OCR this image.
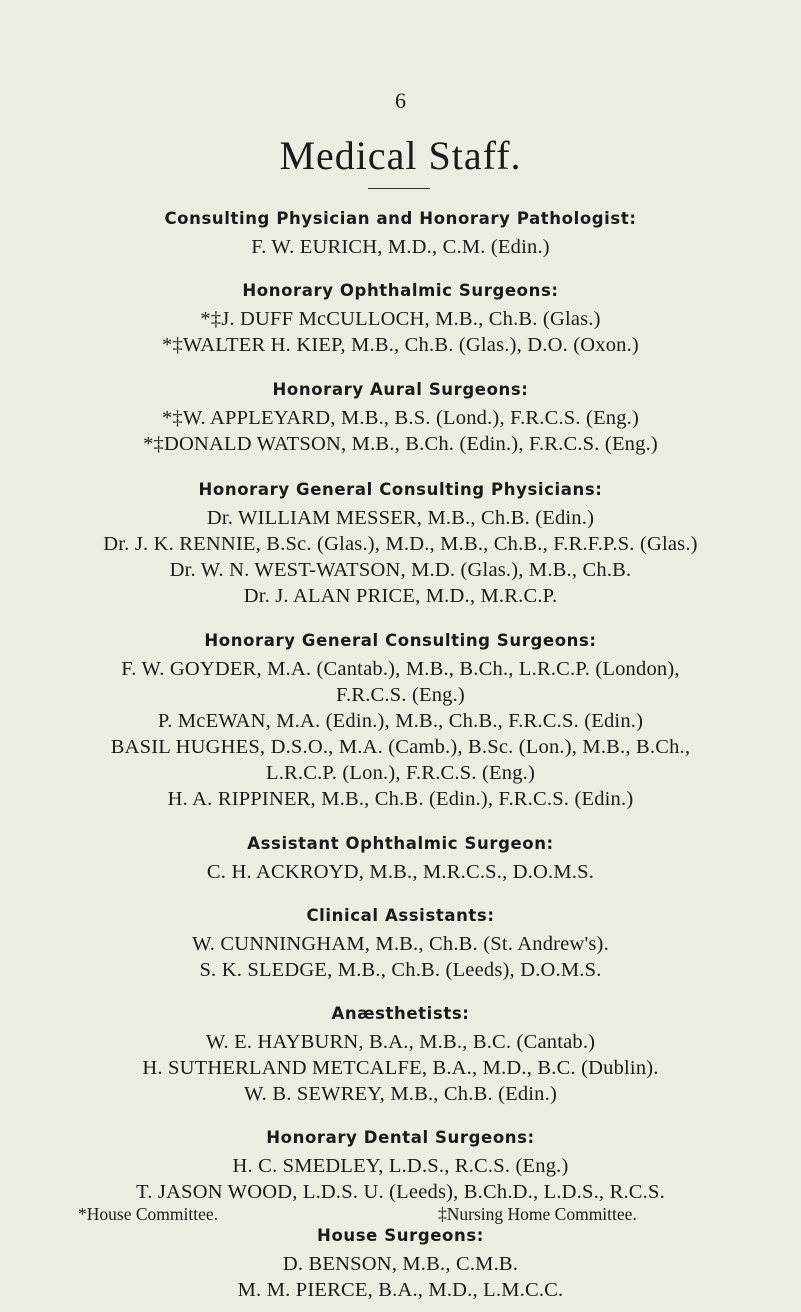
6
Medical Staff.
Consulting Physician and Honorary Pathologist:
F. W. EURICH, M.D., C.M. (Edin.)
Honorary Ophthalmic Surgeons:
*‡J. DUFF McCULLOCH, M.B., Ch.B. (Glas.)
*‡WALTER H. KIEP, M.B., Ch.B. (Glas.), D.O. (Oxon.)
Honorary Aural Surgeons:
*‡W. APPLEYARD, M.B., B.S. (Lond.), F.R.C.S. (Eng.)
*‡DONALD WATSON, M.B., B.Ch. (Edin.), F.R.C.S. (Eng.)
Honorary General Consulting Physicians:
Dr. WILLIAM MESSER, M.B., Ch.B. (Edin.)
Dr. J. K. RENNIE, B.Sc. (Glas.), M.D., M.B., Ch.B., F.R.F.P.S. (Glas.)
Dr. W. N. WEST-WATSON, M.D. (Glas.), M.B., Ch.B.
Dr. J. ALAN PRICE, M.D., M.R.C.P.
Honorary General Consulting Surgeons:
F. W. GOYDER, M.A. (Cantab.), M.B., B.Ch., L.R.C.P. (London),
F.R.C.S. (Eng.)
P. McEWAN, M.A. (Edin.), M.B., Ch.B., F.R.C.S. (Edin.)
BASIL HUGHES, D.S.O., M.A. (Camb.), B.Sc. (Lon.), M.B., B.Ch.,
L.R.C.P. (Lon.), F.R.C.S. (Eng.)
H. A. RIPPINER, M.B., Ch.B. (Edin.), F.R.C.S. (Edin.)
Assistant Ophthalmic Surgeon:
C. H. ACKROYD, M.B., M.R.C.S., D.O.M.S.
Clinical Assistants:
W. CUNNINGHAM, M.B., Ch.B. (St. Andrew's).
S. K. SLEDGE, M.B., Ch.B. (Leeds), D.O.M.S.
Anæsthetists:
W. E. HAYBURN, B.A., M.B., B.C. (Cantab.)
H. SUTHERLAND METCALFE, B.A., M.D., B.C. (Dublin).
W. B. SEWREY, M.B., Ch.B. (Edin.)
Honorary Dental Surgeons:
H. C. SMEDLEY, L.D.S., R.C.S. (Eng.)
T. JASON WOOD, L.D.S. U. (Leeds), B.Ch.D., L.D.S., R.C.S.
House Surgeons:
D. BENSON, M.B., C.M.B.
M. M. PIERCE, B.A., M.D., L.M.C.C.
*House Committee.	‡Nursing Home Committee.
